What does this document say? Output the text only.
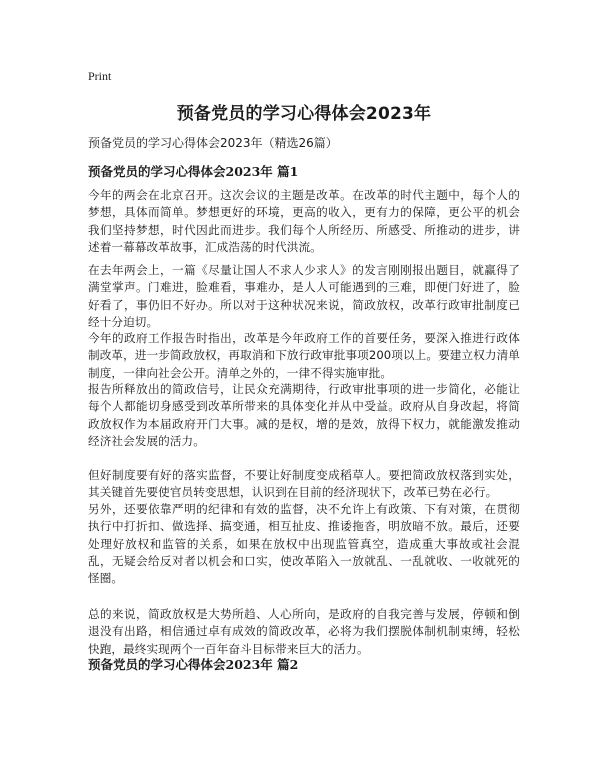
Print
预备党员的学习心得体会2023年

预备党员的学习心得体会2023年（精选26篇）

预备党员的学习心得体会2023年 篇1

今年的两会在北京召开。这次会议的主题是改革。在改革的时代主题中，每个人的梦想，具体而简单。梦想更好的环境，更高的收入，更有力的保障，更公平的机会我们坚持梦想，时代因此而进步。我们每个人所经历、所感受、所推动的进步，讲述着一幕幕改革故事，汇成浩荡的时代洪流。

在去年两会上，一篇《尽量让国人不求人少求人》的发言刚刚报出题目，就赢得了满堂掌声。门难进，脸难看，事难办，是人人可能遇到的三难，即便门好进了，脸好看了，事仍旧不好办。所以对于这种状况来说，简政放权，改革行政审批制度已经十分迫切。

今年的政府工作报告时指出，改革是今年政府工作的首要任务，要深入推进行政体制改革，进一步简政放权，再取消和下放行政审批事项200项以上。要建立权力清单制度，一律向社会公开。清单之外的，一律不得实施审批。

报告所释放出的简政信号，让民众充满期待，行政审批事项的进一步简化，必能让每个人都能切身感受到改革所带来的具体变化并从中受益。政府从自身改起，将简政放权作为本届政府开门大事。减的是权，增的是效，放得下权力，就能激发推动经济社会发展的活力。

但好制度要有好的落实监督，不要让好制度变成稻草人。要把简政放权落到实处，其关键首先要使官员转变思想，认识到在目前的经济现状下，改革已势在必行。

另外，还要依靠严明的纪律和有效的监督，决不允许上有政策、下有对策，在贯彻执行中打折扣、做选择、搞变通，相互扯皮、推诿拖沓，明放暗不放。最后，还要处理好放权和监管的关系，如果在放权中出现监管真空，造成重大事故或社会混乱，无疑会给反对者以机会和口实，使改革陷入一放就乱、一乱就收、一收就死的怪圈。

总的来说，简政放权是大势所趋、人心所向，是政府的自我完善与发展，停顿和倒退没有出路，相信通过卓有成效的简政改革，必将为我们摆脱体制机制束缚，轻松快跑，最终实现两个一百年奋斗目标带来巨大的活力。

预备党员的学习心得体会2023年 篇2
